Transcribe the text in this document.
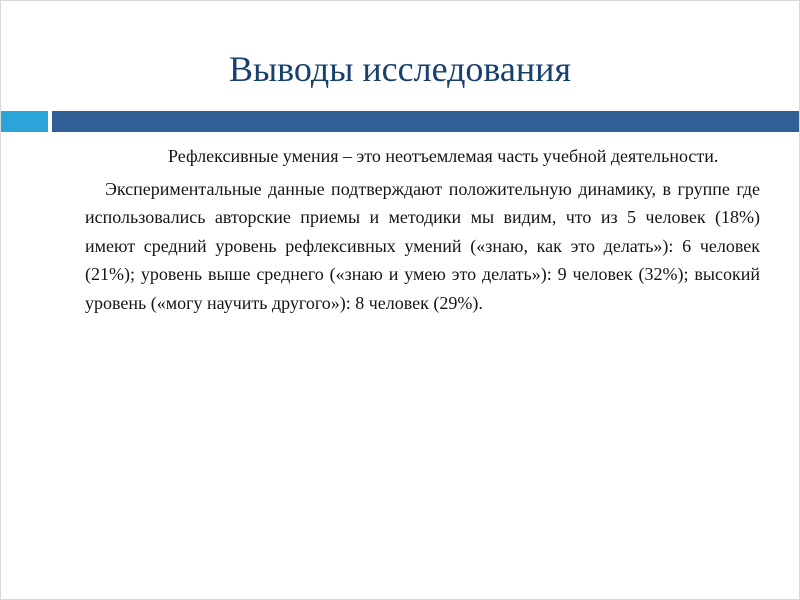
Выводы исследования

Рефлексивные умения – это неотъемлемая часть учебной деятельности.

Экспериментальные данные подтверждают положительную динамику, в группе где использовались авторские приемы и методики мы видим, что из 5 человек (18%) имеют средний уровень рефлексивных умений («знаю, как это делать»): 6 человек (21%); уровень выше среднего («знаю и умею это делать»): 9 человек (32%); высокий уровень («могу научить другого»): 8 человек (29%).
